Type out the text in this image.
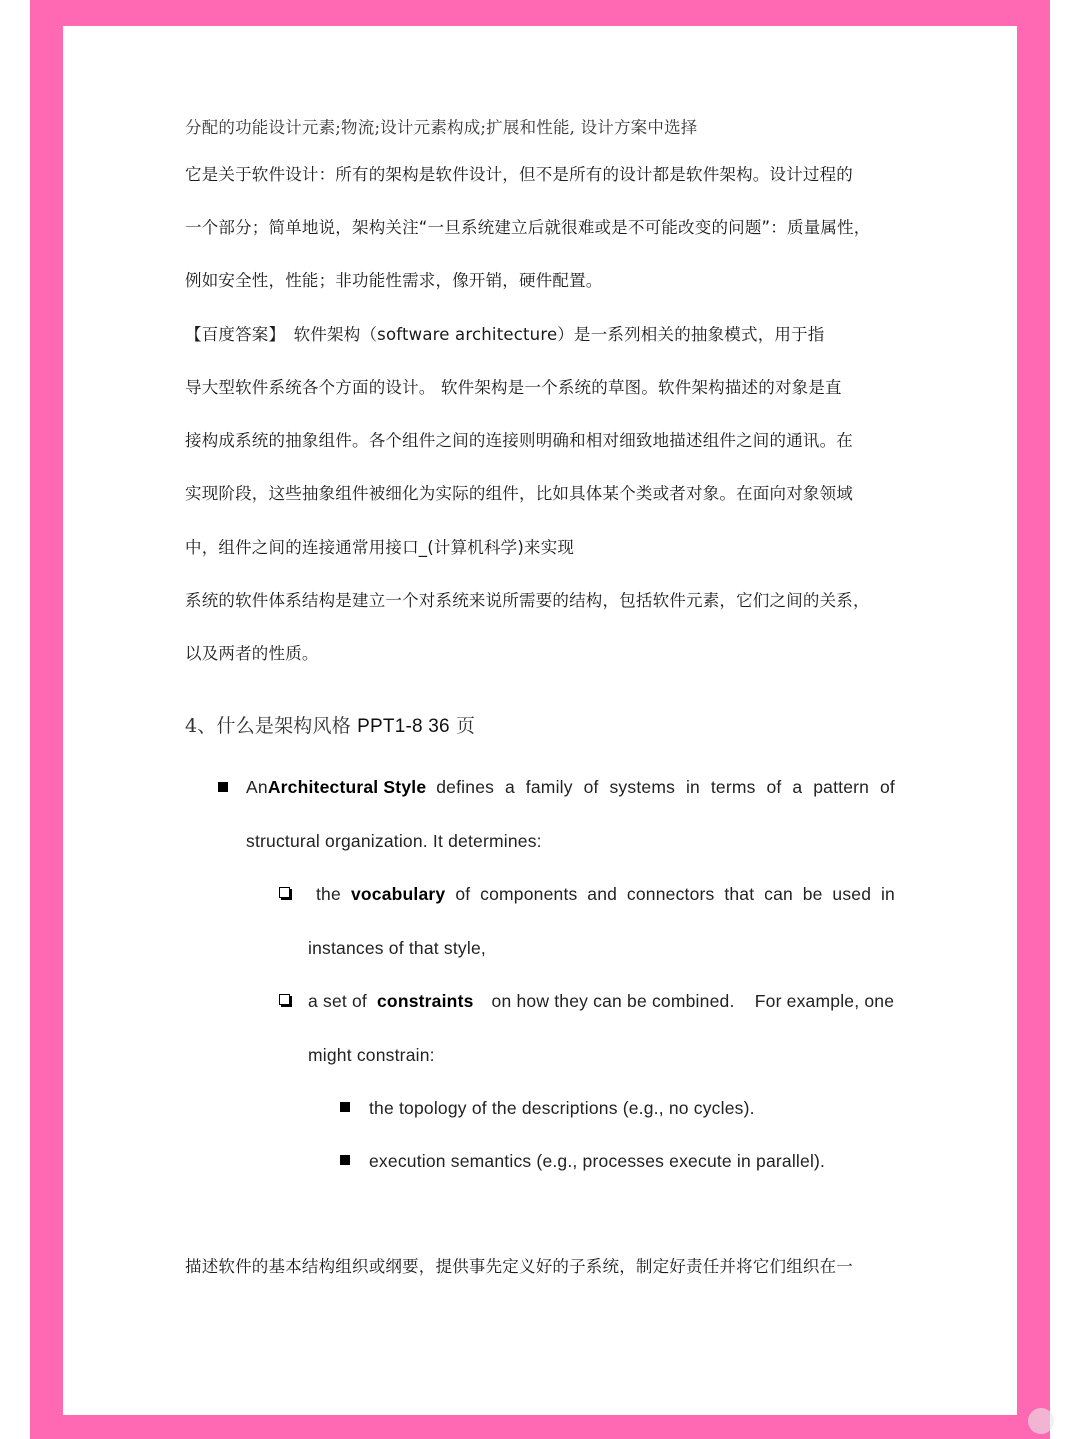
分配的功能设计元素;物流;设计元素构成;扩展和性能, 设计方案中选择
它是关于软件设计：所有的架构是软件设计，但不是所有的设计都是软件架构。设计过程的
一个部分；简单地说，架构关注“一旦系统建立后就很难或是不可能改变的问题”：质量属性，
例如安全性，性能；非功能性需求，像开销，硬件配置。
【百度答案】　软件架构（software architecture）是一系列相关的抽象模式，用于指
导大型软件系统各个方面的设计。 软件架构是一个系统的草图。软件架构描述的对象是直
接构成系统的抽象组件。各个组件之间的连接则明确和相对细致地描述组件之间的通讯。在
实现阶段，这些抽象组件被细化为实际的组件，比如具体某个类或者对象。在面向对象领域
中，组件之间的连接通常用接口_(计算机科学)来实现
系统的软件体系结构是建立一个对系统来说所需要的结构，包括软件元素，它们之间的关系，
以及两者的性质。
4、什么是架构风格 PPT1-8 36 页
An Architectural Style defines a family of systems in terms of a pattern of
structural organization. It determines:
the vocabulary of components and connectors that can be used in
instances of that style,
a set of constraints on how they can be combined.    For example, one
might constrain:
the topology of the descriptions (e.g., no cycles).
execution semantics (e.g., processes execute in parallel).
描述软件的基本结构组织或纲要，提供事先定义好的子系统，制定好责任并将它们组织在一
